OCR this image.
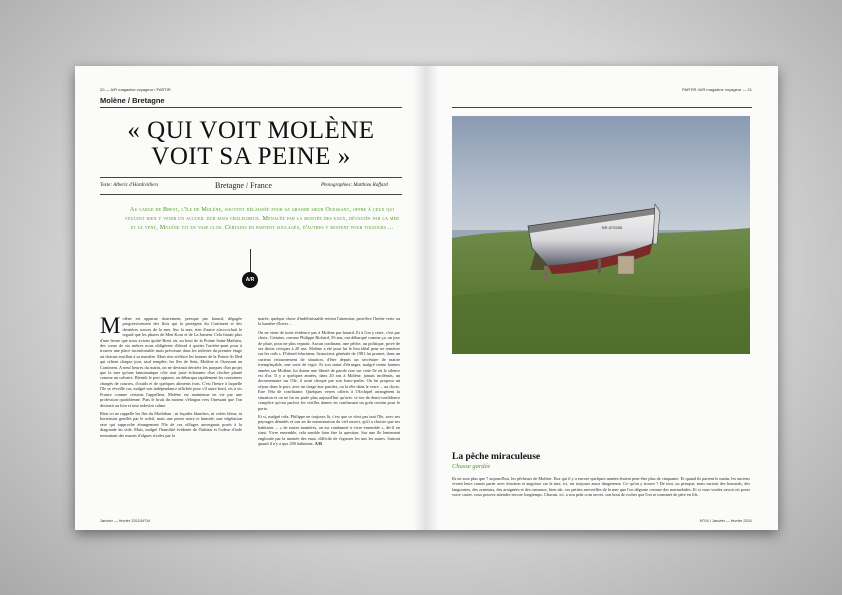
20 — A/R magazine voyageur / PARTIR
Molène / Bretagne
« QUI VOIT MOLÈNE
VOIT SA PEINE »
Texte: Alberic d'Hardivilliers	Bretagne / France	Photographies: Matthieu Raffard
Au large de Brest, l'île de Molène, souvent délaissée pour sa grande sœur Ouessant, offre à ceux qui veulent bien y venir un accueil dur mais chaleureux. Menacée par la montée des eaux, dévastée par la mer et le vent, Molène vit en vase clos. Certains en partent soulagés, d'autres y restent pour toujours ...
A/R

Molène est apparue doucement, presque par hasard, dégagée progressivement des flots qui la protègent du Continent et des dernières ronces de la mer. Sur la mer, rien d'autre n'accrochait le regard que les phares de Men Korn et de La Jument. Cela faisait plus d'une heure que nous avions quitté Brest où, au bout de la Pointe Saint-Mathieu, des creux de six mètres nous obligèrent d'abord à quitter l'arrière-pont pour à trouver une place inconfortable mais précieuse dans les toilettes du premier étage où chacun rouillait à sa manière. Mais rien n'efface les bonnes de la Pointe Ar Bed qui relient chaque jour, sauf tempête, les îles de Sein, Molène et Ouessant au Continent. A neuf heures du matin, on ne devinait derrière les parques d'un projet que la mer qu'une fantomatique côte tout juste éclairante d'un clocher planté comme un calvaire. Bientôt le port apparut, on débarqua rapidement les containers chargés de courses, d'outils et de quelques aliments frais. C'est l'heure à laquelle l'île se réveille car, malgré son indépendance affichée pour s'il autre bord, vis à vis France comme certains l'appellent, Molène est maintenue en vie par une profession quotidienne. Puis le bruit du moteur s'éloigna vers Ouessant que l'on devinait au loin et tout redevint calme.

Rien ici ne rappelle les îles du Morbihan : ni façades blanches, ni volets bleus, ni hortensias gonflés par le soleil, mais une pierre noire et humide, une végétation rase qui rapproche étrangement l'île de ces villages auvergnats posés à la diagonale du vide. Mais, malgré l'humilité évidente de l'habitat et l'odeur d'iode remontant des marais d'algues rivales par la

marée, quelque chose d'indéfinissable retient l'attention, peut-être l'herbe verte ou la lumière d'hiver ...

On ne vient de toute évidence pas à Molène par hasard. Et à l'on y reste, c'est par choix. Certains, comme Philippe Richard, 56 ans, ont débarqué comme ça, un jour de pluie, pour ne plus repartir. Aucun confinant, une pêche, un politique, privé de ses droits civiques à 20 ans. Molène a été pour lui le lieu idéal pour ne remettre sur les rails s. D'abord éducateur, l'astucieux générale de 1981 lui promet, dans un curieux retournement de situation, d'être depuis un secrétaire de mairie irremplaçable, une sorte de vigie. Et son statut d'étranger, malgré trente bonnes années sur Molène, lui donne une liberté de parole rare sur cette île où le silence est d'or. Il y a quelques années, dans 20 ans à Molène, jamais molénais, un documentaire sur l'île, il avait choqué par son franc-parler. On lui proposa un séjour dans le port, avec un tirage aux paroles, ou la tête dans le verre ... au choix. Etre l'élu de conchiante. Quelques verres offerts à l'Archipel arrangèrent la situation et on ne lui en parle plus aujourd'hui qu'avec ce ton de demi-confidence complice qu'ont parfois les vieilles dames en confirmant un goût certain pour le porto.

Et si, malgré cela, Philippe ne toujours là, c'est que ce n'est pas tant l'île, avec ses paysages dénudés et son air de menstruation du ciel ouvert, qu'il a choisie que ses habitants ... « de toutes manières, on est condamné à vivre ensemble », dit-il en riant. Vivre ensemble, cela semble bien être la question. Sur une île lentement engloutie par la montée des eaux, difficile de s'ignorer les uns les autres. Surtout quand il n'y a que 200 habitants. A/R

Janvier — février 2011/N°04
PARTIR /A/R magazine voyageur — 21
BR 872555
La pêche miraculeuse
Chasse gardée
Ils ne sont plus que 7 aujourd'hui, les pêcheurs de Molène. Eux qui il y a encore quelques années étaient peut-être plus de cinquante. Et quand ils partent le matin, les anciens vivent leurs canots partir avec émotion et angoisse car la mer, ici, est toujours aussi dangereuse. Ce qu'on y trouve ? De tout, ou presque, mais surtout des homards, des langoustes, des ormeaux, des araignées et des ormeaux, bien sûr, ces petites merveilles de la mer que l'on dégoute comme des marmelades. Et si vous voulez savoir où poser votre casier, vous pouvez attendre encore longtemps. Chacun, ici, a son petit coin secret, son bout de rocher que l'on se transmet de père en fils.
N°04 / Janvier — février 2011
